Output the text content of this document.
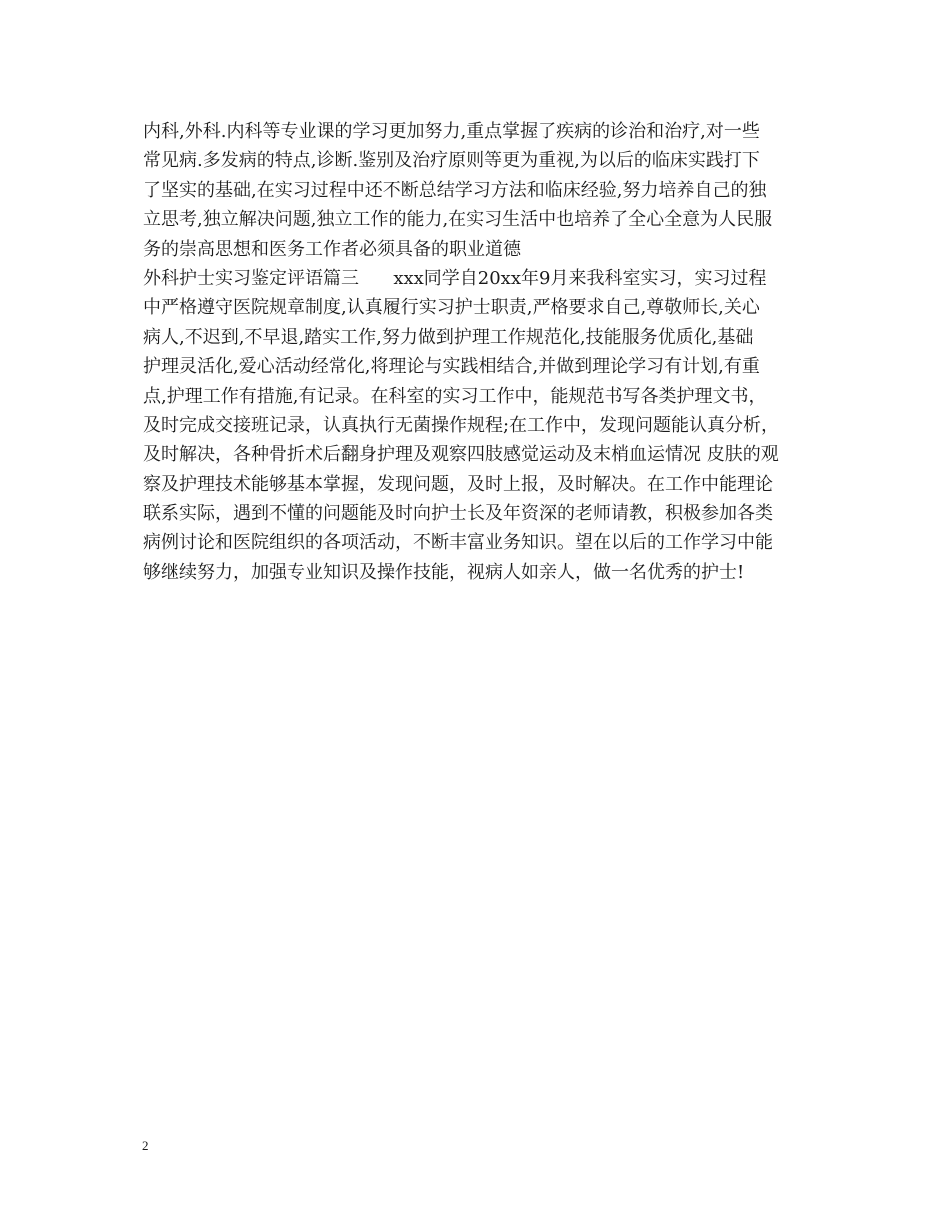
内科,外科.内科等专业课的学习更加努力,重点掌握了疾病的诊治和治疗,对一些
常见病.多发病的特点,诊断.鉴别及治疗原则等更为重视,为以后的临床实践打下
了坚实的基础,在实习过程中还不断总结学习方法和临床经验,努力培养自己的独
立思考,独立解决问题,独立工作的能力,在实习生活中也培养了全心全意为人民服
务的崇高思想和医务工作者必须具备的职业道德
外科护士实习鉴定评语篇三      xxx同学自20xx年9月来我科室实习，实习过程
中严格遵守医院规章制度,认真履行实习护士职责,严格要求自己,尊敬师长,关心
病人,不迟到,不早退,踏实工作,努力做到护理工作规范化,技能服务优质化,基础
护理灵活化,爱心活动经常化,将理论与实践相结合,并做到理论学习有计划,有重
点,护理工作有措施,有记录。在科室的实习工作中，能规范书写各类护理文书，
及时完成交接班记录，认真执行无菌操作规程;在工作中，发现问题能认真分析，
及时解决，各种骨折术后翻身护理及观察四肢感觉运动及末梢血运情况 皮肤的观
察及护理技术能够基本掌握，发现问题，及时上报，及时解决。在工作中能理论
联系实际，遇到不懂的问题能及时向护士长及年资深的老师请教，积极参加各类
病例讨论和医院组织的各项活动，不断丰富业务知识。望在以后的工作学习中能
够继续努力，加强专业知识及操作技能，视病人如亲人，做一名优秀的护士!
2
